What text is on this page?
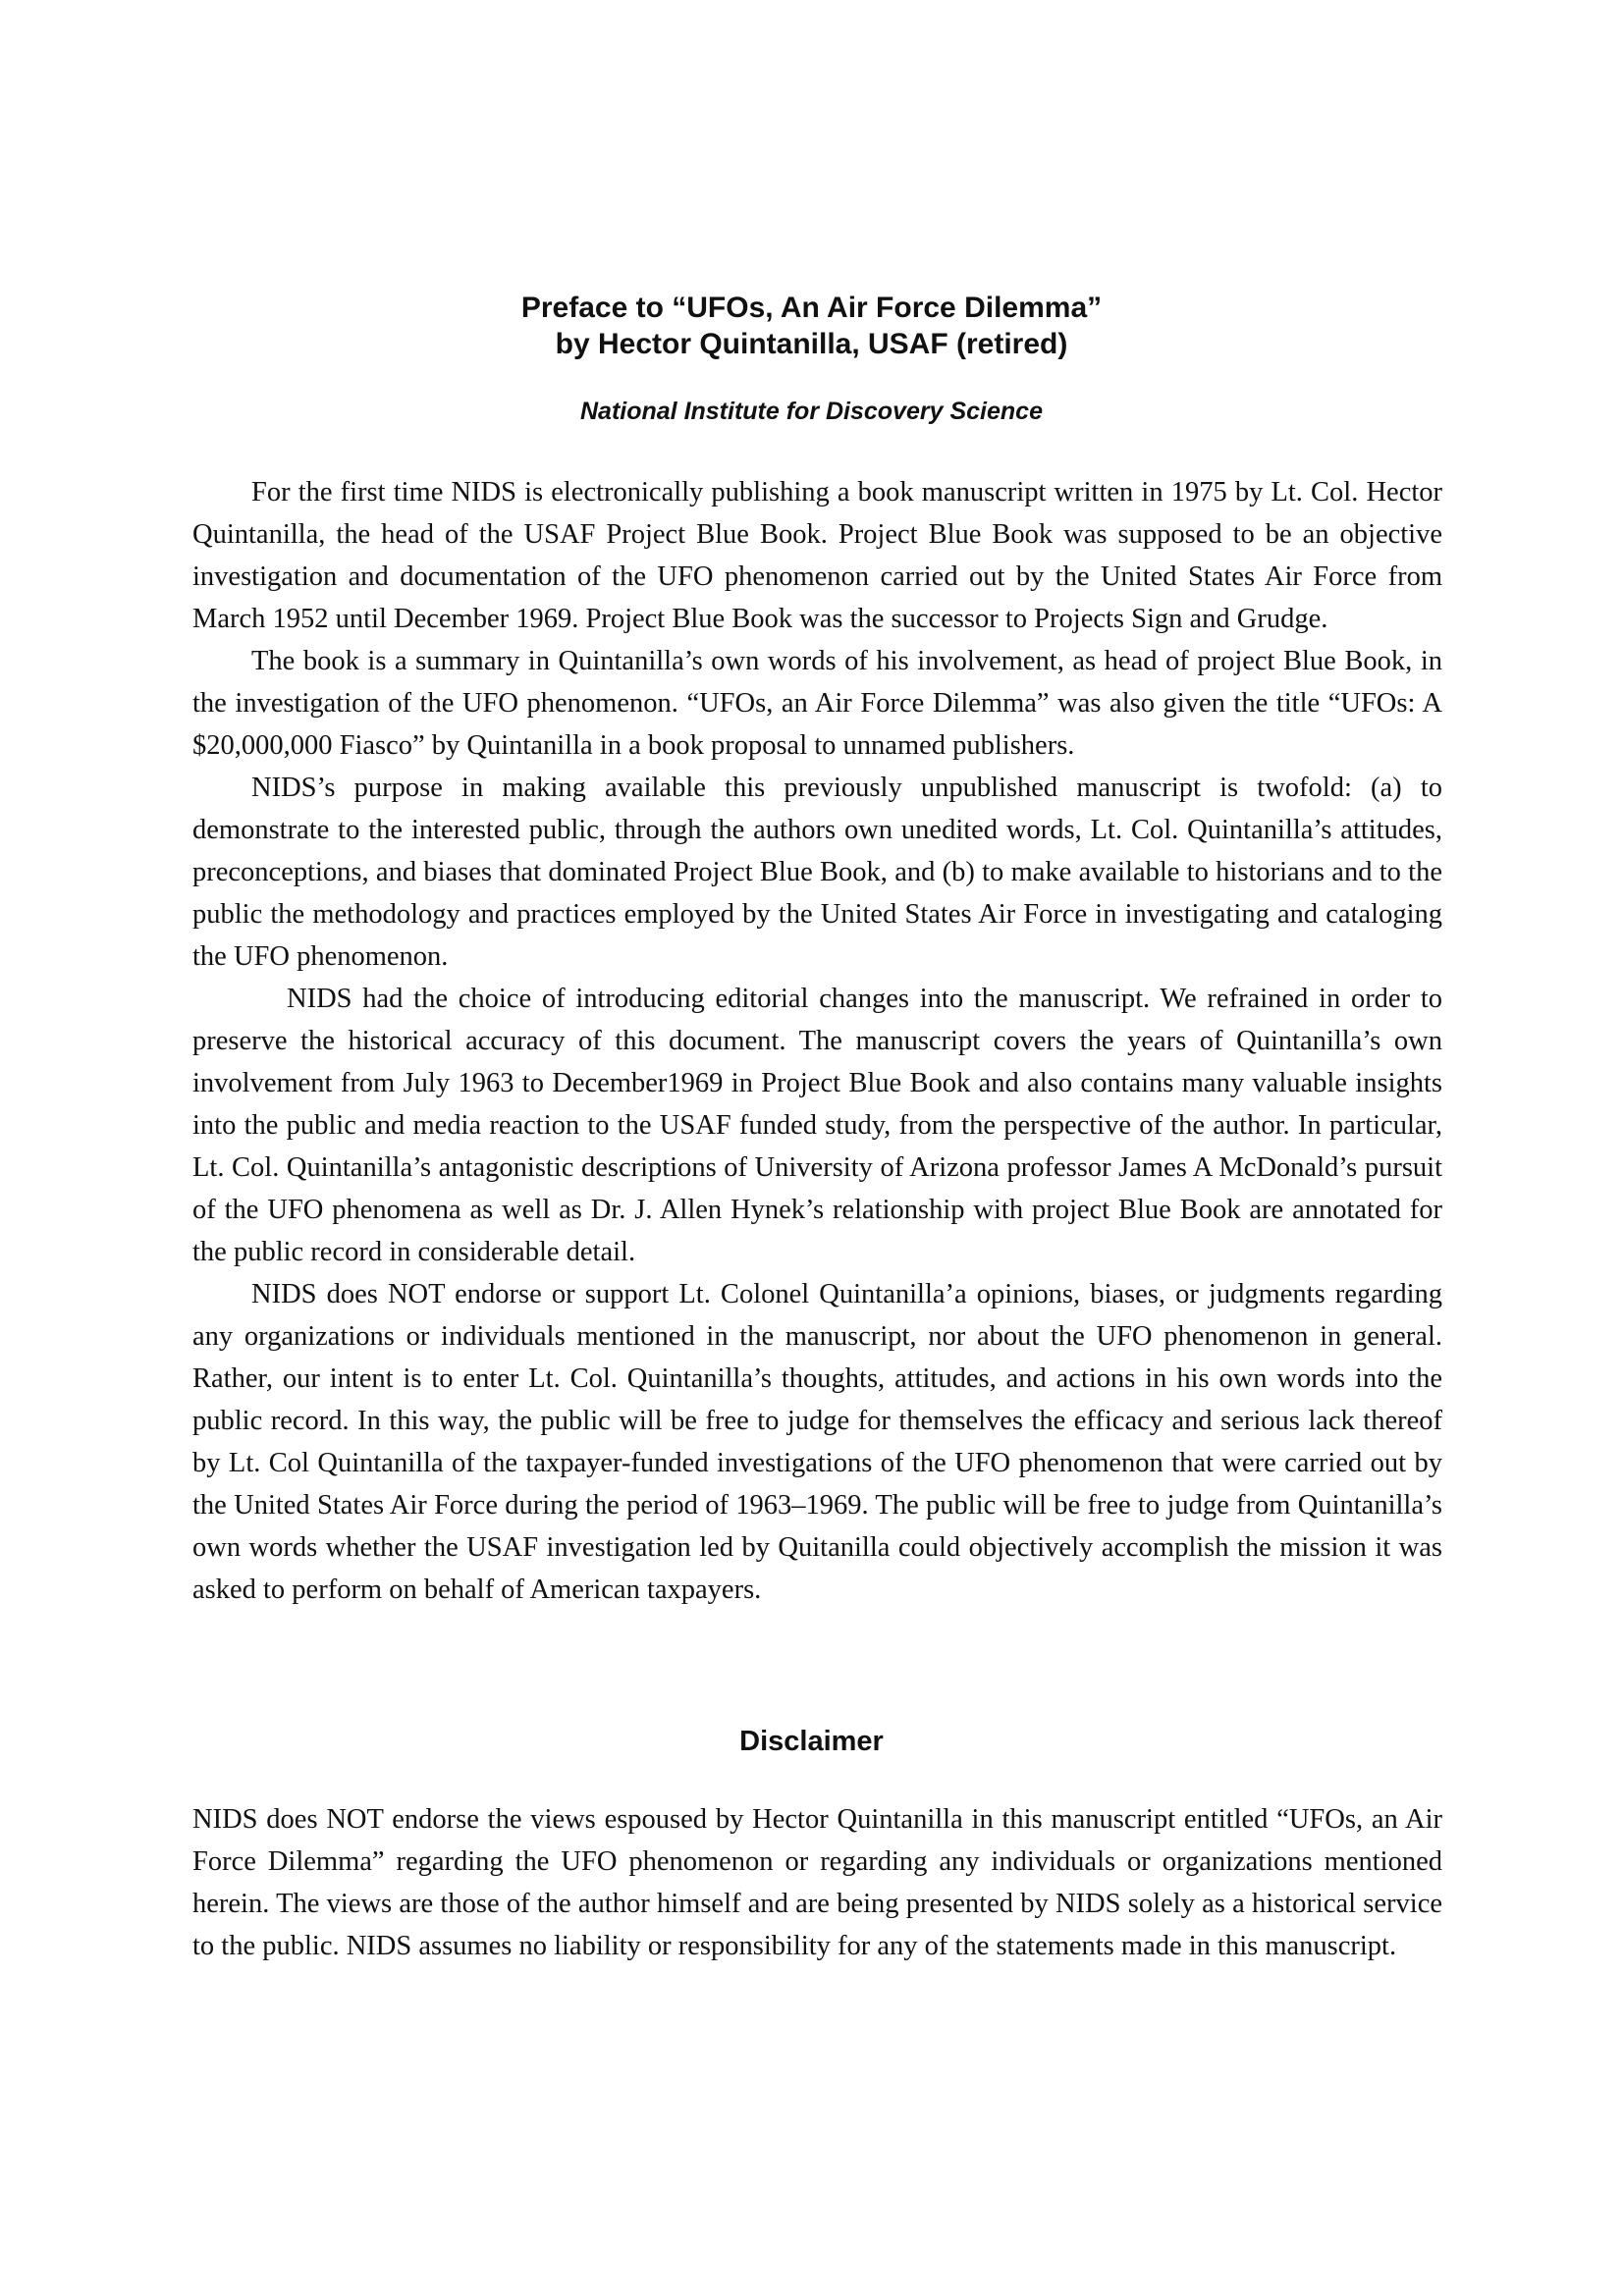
Preface to “UFOs, An Air Force Dilemma”
by Hector Quintanilla, USAF (retired)
National Institute for Discovery Science

For the first time NIDS is electronically publishing a book manuscript written in 1975 by Lt. Col. Hector Quintanilla, the head of the USAF Project Blue Book. Project Blue Book was supposed to be an objective investigation and documentation of the UFO phenomenon carried out by the United States Air Force from March 1952 until December 1969. Project Blue Book was the successor to Projects Sign and Grudge.

The book is a summary in Quintanilla’s own words of his involvement, as head of project Blue Book, in the investigation of the UFO phenomenon. “UFOs, an Air Force Dilemma” was also given the title “UFOs: A $20,000,000 Fiasco” by Quintanilla in a book proposal to unnamed publishers.

NIDS’s purpose in making available this previously unpublished manuscript is twofold: (a) to demonstrate to the interested public, through the authors own unedited words, Lt. Col. Quintanilla’s attitudes, preconceptions, and biases that dominated Project Blue Book, and (b) to make available to historians and to the public the methodology and practices employed by the United States Air Force in investigating and cataloging the UFO phenomenon.

NIDS had the choice of introducing editorial changes into the manuscript. We refrained in order to preserve the historical accuracy of this document. The manuscript covers the years of Quintanilla’s own involvement from July 1963 to December1969 in Project Blue Book and also contains many valuable insights into the public and media reaction to the USAF funded study, from the perspective of the author. In particular, Lt. Col. Quintanilla’s antagonistic descriptions of University of Arizona professor James A McDonald’s pursuit of the UFO phenomena as well as Dr. J. Allen Hynek’s relationship with project Blue Book are annotated for the public record in considerable detail.

NIDS does NOT endorse or support Lt. Colonel Quintanilla’a opinions, biases, or judgments regarding any organizations or individuals mentioned in the manuscript, nor about the UFO phenomenon in general. Rather, our intent is to enter Lt. Col. Quintanilla’s thoughts, attitudes, and actions in his own words into the public record. In this way, the public will be free to judge for themselves the efficacy and serious lack thereof by Lt. Col Quintanilla of the taxpayer-funded investigations of the UFO phenomenon that were carried out by the United States Air Force during the period of 1963–1969. The public will be free to judge from Quintanilla’s own words whether the USAF investigation led by Quitanilla could objectively accomplish the mission it was asked to perform on behalf of American taxpayers.

Disclaimer

NIDS does NOT endorse the views espoused by Hector Quintanilla in this manuscript entitled “UFOs, an Air Force Dilemma” regarding the UFO phenomenon or regarding any individuals or organizations mentioned herein. The views are those of the author himself and are being presented by NIDS solely as a historical service to the public. NIDS assumes no liability or responsibility for any of the statements made in this manuscript.
